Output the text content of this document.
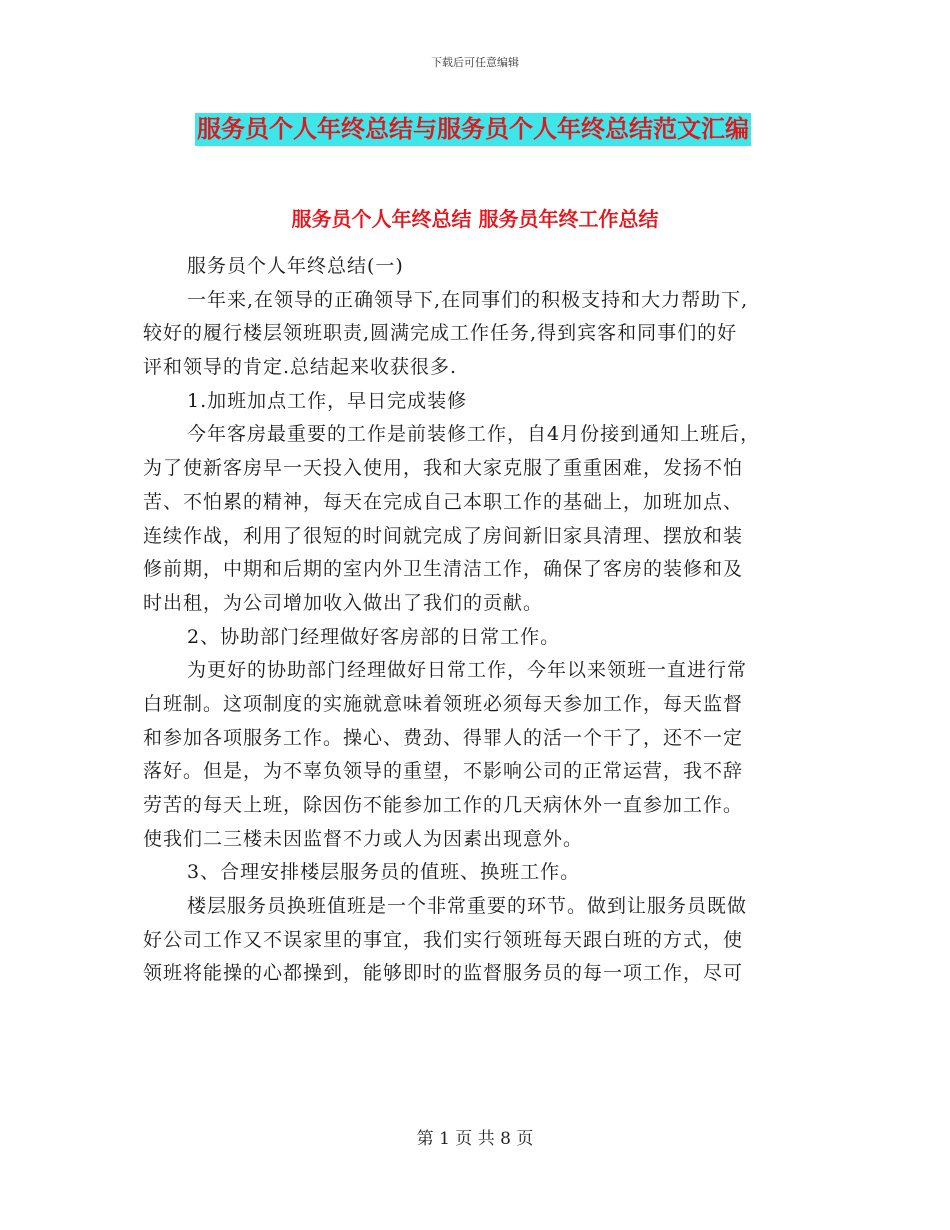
下载后可任意编辑
服务员个人年终总结与服务员个人年终总结范文汇编
服务员个人年终总结 服务员年终工作总结
服务员个人年终总结(一)
一年来,在领导的正确领导下,在同事们的积极支持和大力帮助下,
较好的履行楼层领班职责,圆满完成工作任务,得到宾客和同事们的好
评和领导的肯定.总结起来收获很多.
1.加班加点工作，早日完成装修
今年客房最重要的工作是前装修工作，自4月份接到通知上班后，
为了使新客房早一天投入使用，我和大家克服了重重困难，发扬不怕
苦、不怕累的精神，每天在完成自己本职工作的基础上，加班加点、
连续作战，利用了很短的时间就完成了房间新旧家具清理、摆放和装
修前期，中期和后期的室内外卫生清洁工作，确保了客房的装修和及
时出租，为公司增加收入做出了我们的贡献。
2、协助部门经理做好客房部的日常工作。
为更好的协助部门经理做好日常工作，今年以来领班一直进行常
白班制。这项制度的实施就意味着领班必须每天参加工作，每天监督
和参加各项服务工作。操心、费劲、得罪人的活一个干了，还不一定
落好。但是，为不辜负领导的重望，不影响公司的正常运营，我不辞
劳苦的每天上班，除因伤不能参加工作的几天病休外一直参加工作。
使我们二三楼未因监督不力或人为因素出现意外。
3、合理安排楼层服务员的值班、换班工作。
楼层服务员换班值班是一个非常重要的环节。做到让服务员既做
好公司工作又不误家里的事宜，我们实行领班每天跟白班的方式，使
领班将能操的心都操到，能够即时的监督服务员的每一项工作，尽可
第 1 页 共 8 页
